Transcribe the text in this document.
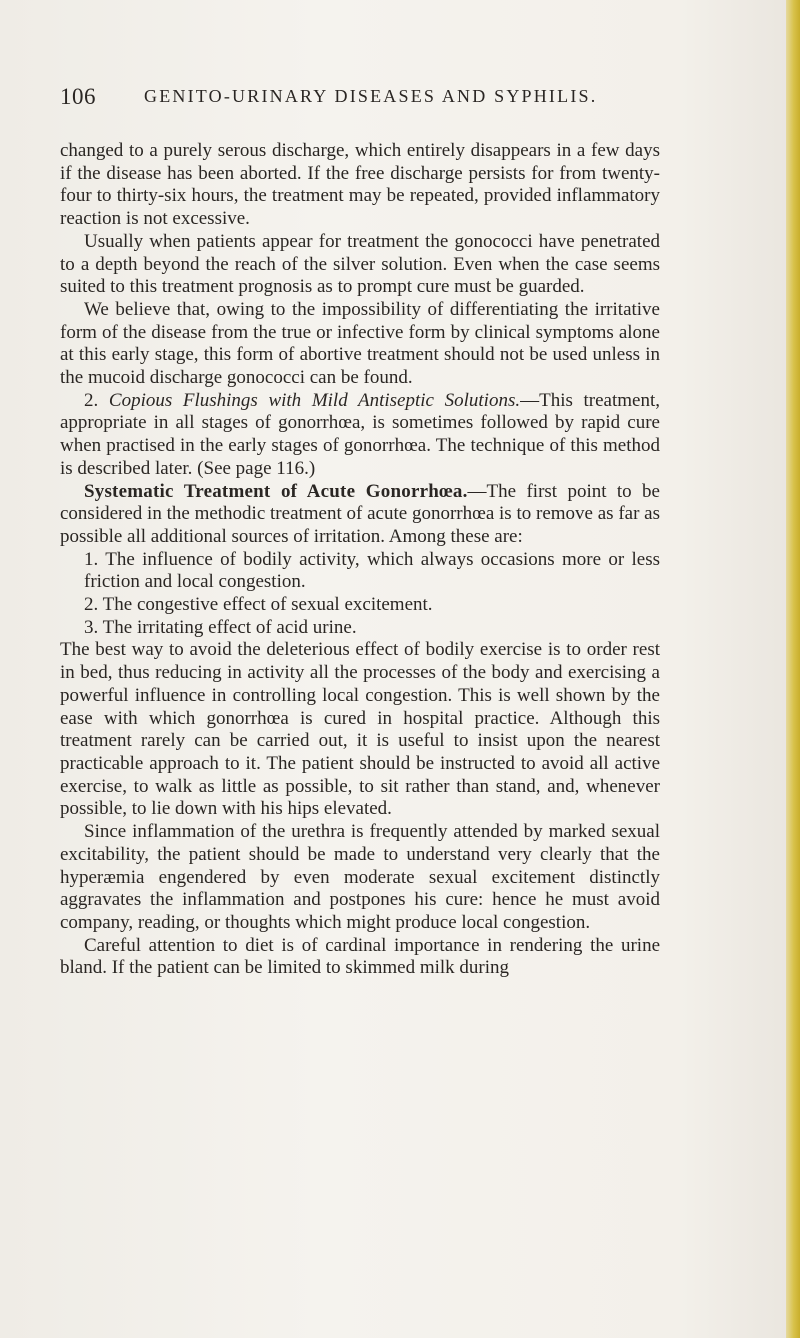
106	GENITO-URINARY DISEASES AND SYPHILIS.

changed to a purely serous discharge, which entirely disappears in a few days if the disease has been aborted. If the free discharge persists for from twenty-four to thirty-six hours, the treatment may be repeated, provided inflammatory reaction is not excessive.

Usually when patients appear for treatment the gonococci have penetrated to a depth beyond the reach of the silver solution. Even when the case seems suited to this treatment prognosis as to prompt cure must be guarded.

We believe that, owing to the impossibility of differentiating the irritative form of the disease from the true or infective form by clinical symptoms alone at this early stage, this form of abortive treatment should not be used unless in the mucoid discharge gonococci can be found.

2. Copious Flushings with Mild Antiseptic Solutions.—This treatment, appropriate in all stages of gonorrhœa, is sometimes followed by rapid cure when practised in the early stages of gonorrhœa. The technique of this method is described later. (See page 116.)

Systematic Treatment of Acute Gonorrhœa.—The first point to be considered in the methodic treatment of acute gonorrhœa is to remove as far as possible all additional sources of irritation. Among these are:

1. The influence of bodily activity, which always occasions more or less friction and local congestion.

2. The congestive effect of sexual excitement.

3. The irritating effect of acid urine.

The best way to avoid the deleterious effect of bodily exercise is to order rest in bed, thus reducing in activity all the processes of the body and exercising a powerful influence in controlling local congestion. This is well shown by the ease with which gonorrhœa is cured in hospital practice. Although this treatment rarely can be carried out, it is useful to insist upon the nearest practicable approach to it. The patient should be instructed to avoid all active exercise, to walk as little as possible, to sit rather than stand, and, whenever possible, to lie down with his hips elevated.

Since inflammation of the urethra is frequently attended by marked sexual excitability, the patient should be made to understand very clearly that the hyperæmia engendered by even moderate sexual excitement distinctly aggravates the inflammation and postpones his cure: hence he must avoid company, reading, or thoughts which might produce local congestion.

Careful attention to diet is of cardinal importance in rendering the urine bland. If the patient can be limited to skimmed milk during
